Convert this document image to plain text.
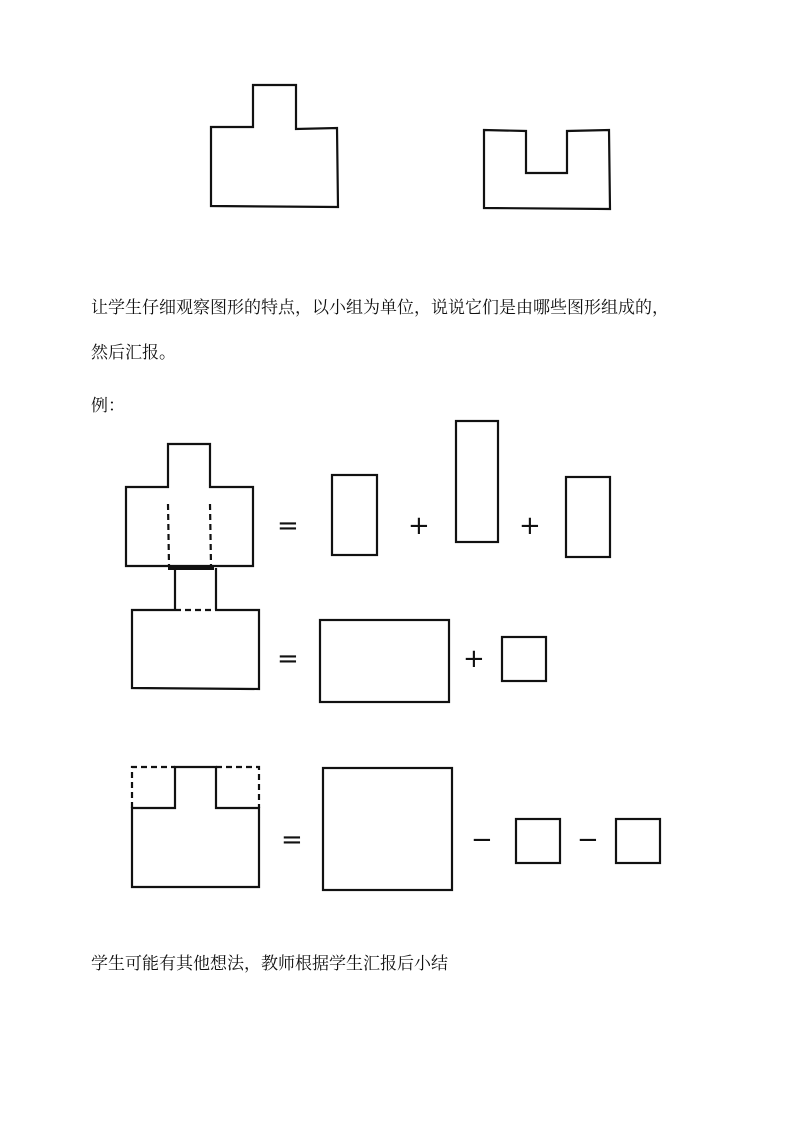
=	+	+
=	+
=	−	−
让学生仔细观察图形的特点，以小组为单位，说说它们是由哪些图形组成的，
然后汇报。
例：
学生可能有其他想法，教师根据学生汇报后小结
